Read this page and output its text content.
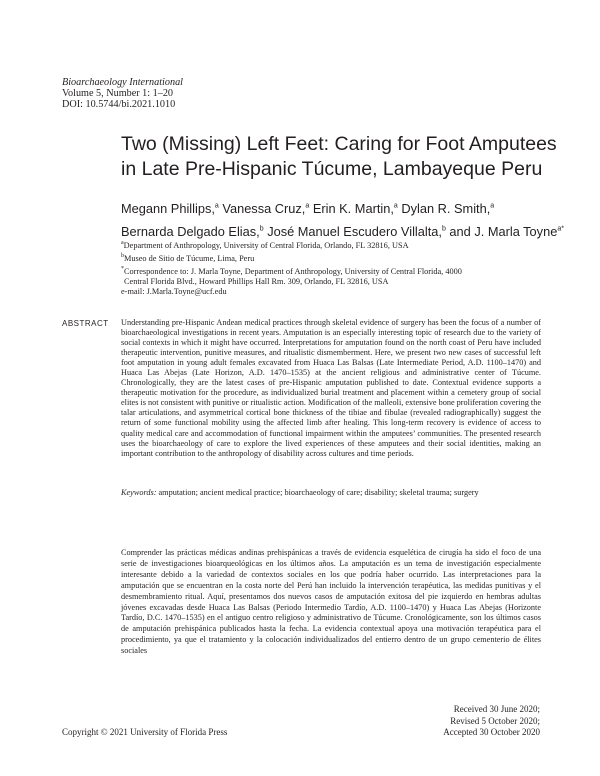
Bioarchaeology International
Volume 5, Number 1: 1–20
DOI: 10.5744/bi.2021.1010
Two (Missing) Left Feet: Caring for Foot Amputees
in Late Pre-Hispanic Túcume, Lambayeque Peru
Megann Phillips,$^a$ Vanessa Cruz,$^a$ Erin K. Martin,$^a$ Dylan R. Smith,$^a$
Bernarda Delgado Elias,$^b$ José Manuel Escudero Villalta,$^b$ and J. Marla Toyne$^{a*}$
$^a$Department of Anthropology, University of Central Florida, Orlando, FL 32816, USA
$^b$Museo de Sitio de Túcume, Lima, Peru
*Correspondence to: J. Marla Toyne, Department of Anthropology, University of Central Florida, 4000
Central Florida Blvd., Howard Phillips Hall Rm. 309, Orlando, FL 32816, USA
e-mail: J.Marla.Toyne@ucf.edu
ABSTRACT Understanding pre-Hispanic Andean medical practices through skeletal evidence of surgery has been the focus of a number of bioarchaeological investigations in recent years. Amputation is an especially interesting topic of research due to the variety of social contexts in which it might have occurred. Interpretations for amputation found on the north coast of Peru have included therapeutic intervention, punitive measures, and ritualistic dismemberment. Here, we present two new cases of successful left foot amputation in young adult females excavated from Huaca Las Balsas (Late Intermediate Period, A.D. 1100–1470) and Huaca Las Abejas (Late Horizon, A.D. 1470–1535) at the ancient religious and administrative center of Túcume. Chronologically, they are the latest cases of pre-Hispanic amputation published to date. Contextual evidence supports a therapeutic motivation for the procedure, as individualized burial treatment and placement within a cemetery group of social elites is not consistent with punitive or ritualistic action. Modification of the malleoli, extensive bone proliferation covering the talar articulations, and asymmetrical cortical bone thickness of the tibiae and fibulae (revealed radiographically) suggest the return of some functional mobility using the affected limb after healing. This long-term recovery is evidence of access to quality medical care and accommodation of functional impairment within the amputees’ communities. The presented research uses the bioarchaeology of care to explore the lived experiences of these amputees and their social identities, making an important contribution to the anthropology of disability across cultures and time periods.

Keywords: amputation; ancient medical practice; bioarchaeology of care; disability; skeletal trauma; surgery

Comprender las prácticas médicas andinas prehispánicas a través de evidencia esquelética de cirugía ha sido el foco de una serie de investigaciones bioarqueológicas en los últimos años. La amputación es un tema de investigación especialmente interesante debido a la variedad de contextos sociales en los que podría haber ocurrido. Las interpretaciones para la amputación que se encuentran en la costa norte del Perú han incluido la intervención terapéutica, las medidas punitivas y el desmembramiento ritual. Aquí, presentamos dos nuevos casos de amputación exitosa del pie izquierdo en hembras adultas jóvenes excavadas desde Huaca Las Balsas (Periodo Intermedio Tardío, A.D. 1100–1470) y Huaca Las Abejas (Horizonte Tardío, D.C. 1470–1535) en el antiguo centro religioso y administrativo de Túcume. Cronológicamente, son los últimos casos de amputación prehispánica publicados hasta la fecha. La evidencia contextual apoya una motivación terapéutica para el procedimiento, ya que el tratamiento y la colocación individualizados del entierro dentro de un grupo cementerio de élites sociales

Received 30 June 2020;
Revised 5 October 2020;
Accepted 30 October 2020
Copyright © 2021 University of Florida Press
